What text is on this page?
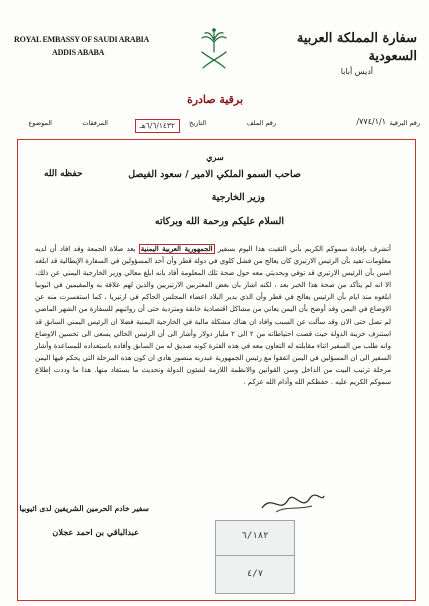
ROYAL EMBASSY OF SAUDI ARABIA
ADDIS ABABA
سفارة المملكة العربية السعودية
أديس أبابا
برقية صادرة
رقم البرقية
٧٧٤/١/١/
رقم الملف
التاريخ
٦/٦/١٤٣٢هـ
المرفقات
الموضوع
سري
صاحب السمو الملكي الامير / سعود الفيصل
حفظه الله
وزير الخارجية
السلام عليكم ورحمة الله وبركاته
أتشرف بإفادة سموكم الكريم بأني التقيت هذا اليوم بسفير الجمهورية العربية اليمنية بعد صلاة الجمعة وقد افاد أن لديه معلومات تفيد بأن الرئيس الارتيري كان يعالج من فشل كلوي في دولة قطر وأن أحد المسؤولين في السفارة الإيطالية قد ابلغه امس بأن الرئيس الارتيري قد توفي وبحديثي معه حول صحة تلك المعلومة أفاد بانه ابلغ معالي وزير الخارجية اليمني عن ذلك، الا انه لم يتأكد من صحة هذا الخبر بعد ، لكنه اشار بان بعض المغتربين الارتيريين والذين لهم علاقة به والمقيمين في اثيوبيا ابلغوه منذ ايام بأن الرئيس يعالج في قطر وأن الذي يدير البلاد اعضاء المجلس الحاكم في ارتيريا ، كما استفسرت منه عن الاوضاع في اليمن وقد أوضح بأن اليمن يعاني من مشاكل اقتصادية خانقة ومتردية حتى أن رواتبهم للسفارة من الشهر الماضي لم تصل حتى الان وقد سألت عن السبب وافاد ان هناك مشكلة مالية في الخارجية اليمنية فضلا ان الرئيس اليمني السابق قد استنزف خزينة الدولة حيث قصت احتياطاته من ٢ الى ٢ مليار دولار وأشار الى أن الرئيس الحالي يسعى الى تحسين الاوضاع وانه طلب من السفير اثناء مقابلته له التعاون معه في هذه الفترة كونه صديق له من السابق وأفاده باستعداده للمساعدة وأشار السفير الى ان المسؤلين في اليمن اتفقوا مع رئيس الجمهورية عبدربه منصور هادي ان كون هذه المرحلة التي يحكم فيها اليمن مرحلة ترتيب البيت من الداخل وسن القوانين والانظمة اللازمة لشئون الدولة وتحديث ما يستفاد منها. هذا ما وددت إطلاع سموكم الكريم عليه . حفظكم الله وأدام الله عزكم .
سفير خادم الحرمين الشريفين لدى اثيوبيا
عبدالباقي بن احمد عجلان	٦/١٨٢
٤/٧
